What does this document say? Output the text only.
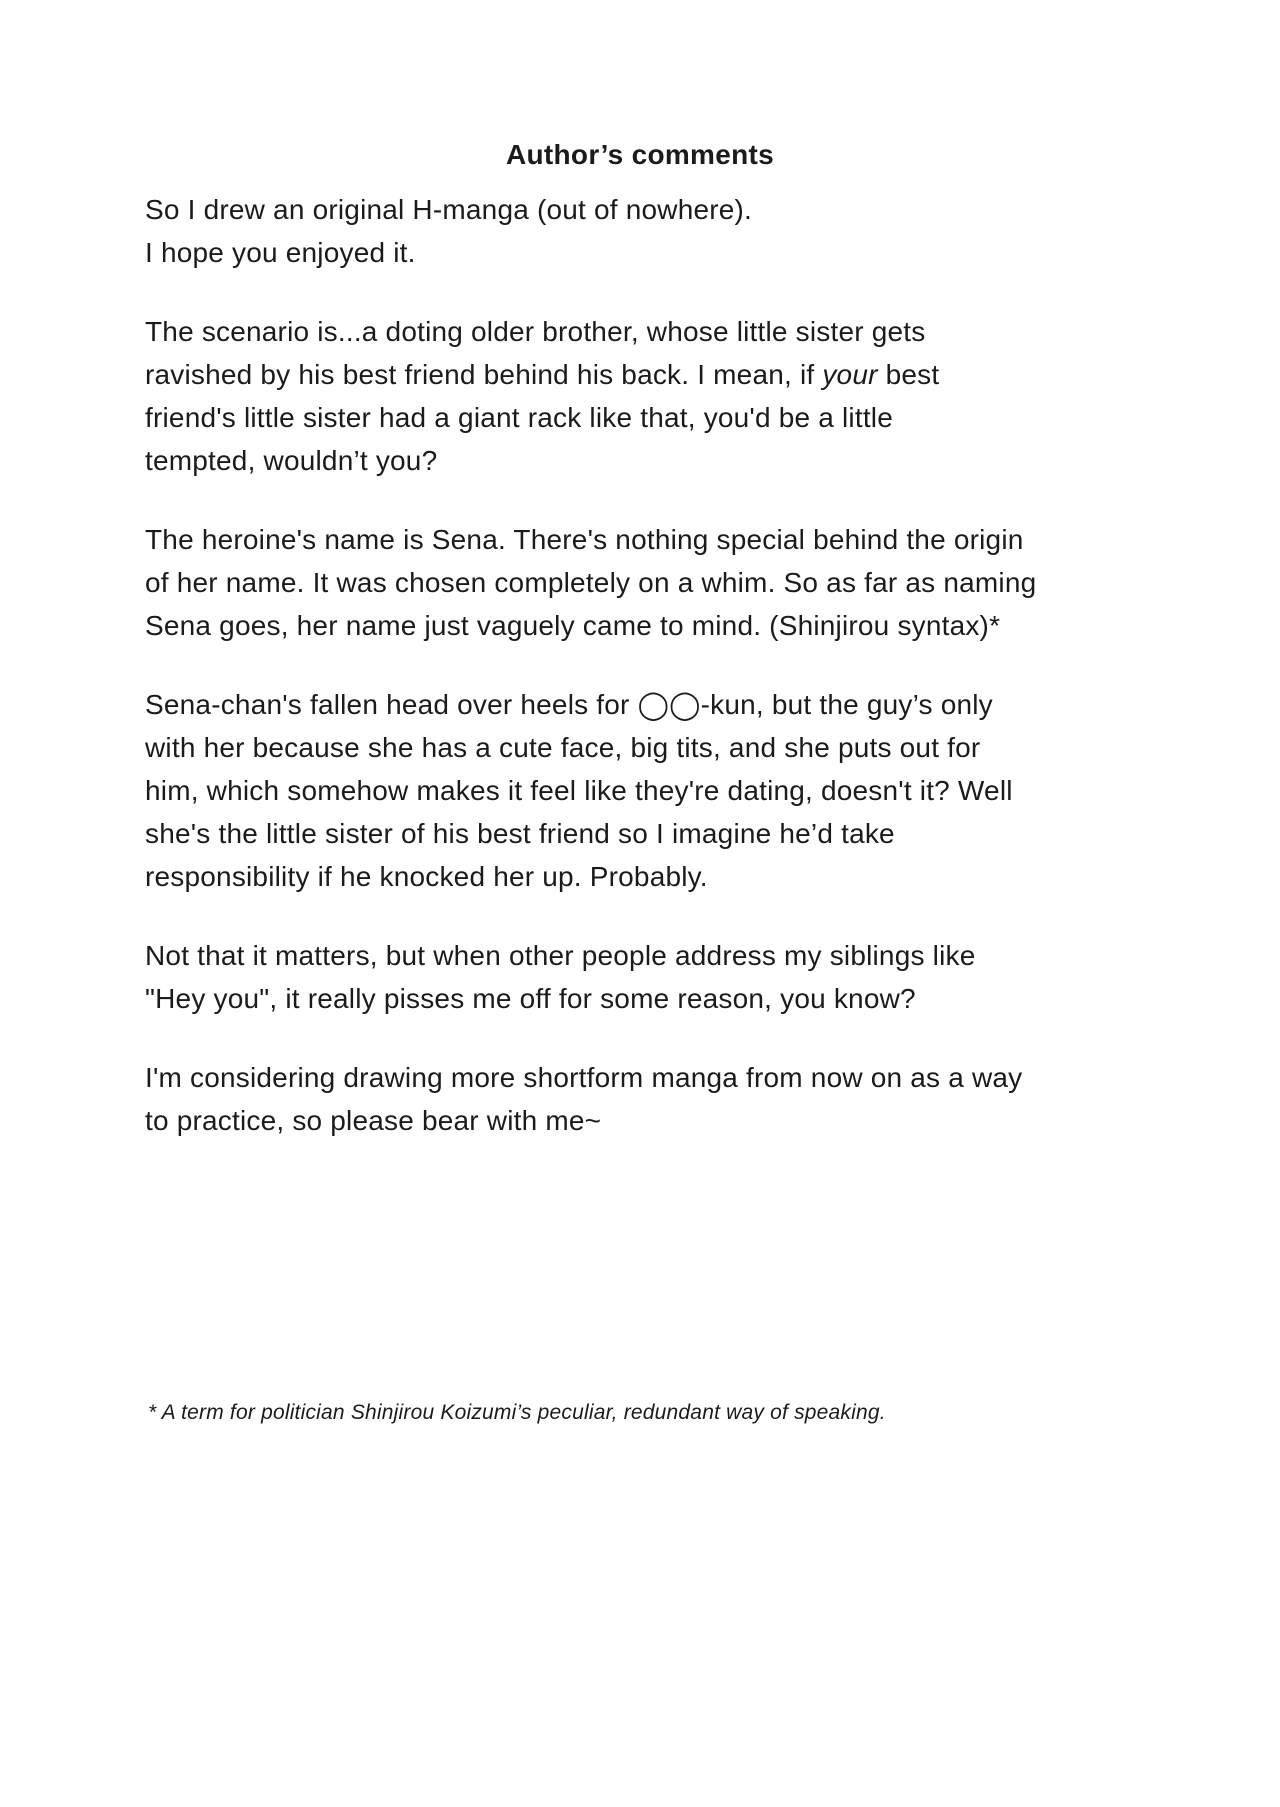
Author’s comments

So I drew an original H-manga (out of nowhere).
I hope you enjoyed it.

The scenario is...a doting older brother, whose little sister gets
ravished by his best friend behind his back. I mean, if your best
friend's little sister had a giant rack like that, you'd be a little
tempted, wouldn’t you?

The heroine's name is Sena. There's nothing special behind the origin
of her name. It was chosen completely on a whim. So as far as naming
Sena goes, her name just vaguely came to mind. (Shinjirou syntax)*

Sena-chan's fallen head over heels for ◯◯-kun, but the guy’s only
with her because she has a cute face, big tits, and she puts out for
him, which somehow makes it feel like they're dating, doesn't it? Well
she's the little sister of his best friend so I imagine he’d take
responsibility if he knocked her up. Probably.

Not that it matters, but when other people address my siblings like
"Hey you", it really pisses me off for some reason, you know?

I'm considering drawing more shortform manga from now on as a way
to practice, so please bear with me~

* A term for politician Shinjirou Koizumi’s peculiar, redundant way of speaking.
